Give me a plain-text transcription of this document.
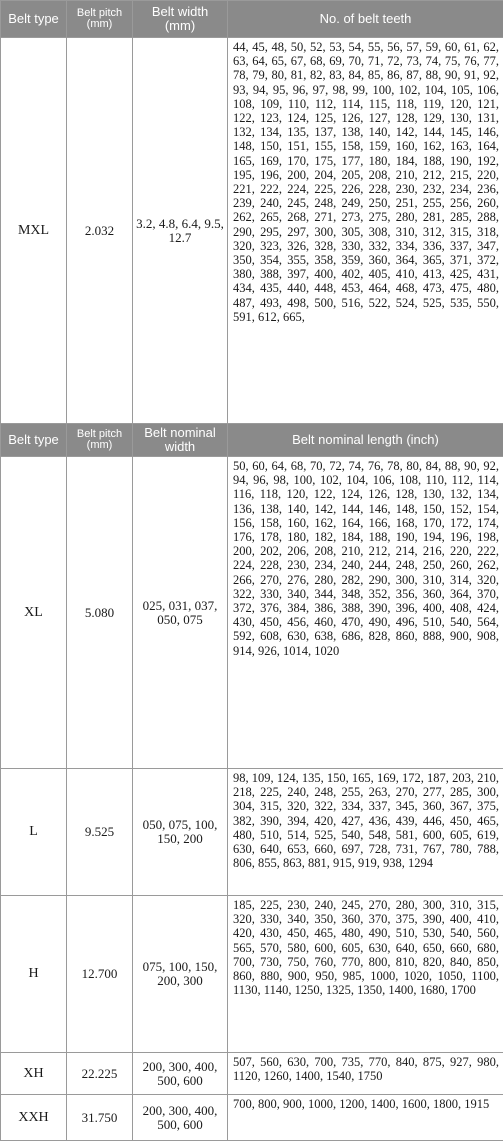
Belt type	Belt pitch (mm)	Belt width (mm)	No. of belt teeth
MXL	2.032	3.2, 4.8, 6.4, 9.5, 12.7	44, 45, 48, 50, 52, 53, 54, 55, 56, 57, 59, 60, 61, 62, 63, 64, 65, 67, 68, 69, 70, 71, 72, 73, 74, 75, 76, 77, 78, 79, 80, 81, 82, 83, 84, 85, 86, 87, 88, 90, 91, 92, 93, 94, 95, 96, 97, 98, 99, 100, 102, 104, 105, 106, 108, 109, 110, 112, 114, 115, 118, 119, 120, 121, 122, 123, 124, 125, 126, 127, 128, 129, 130, 131, 132, 134, 135, 137, 138, 140, 142, 144, 145, 146, 148, 150, 151, 155, 158, 159, 160, 162, 163, 164, 165, 169, 170, 175, 177, 180, 184, 188, 190, 192, 195, 196, 200, 204, 205, 208, 210, 212, 215, 220, 221, 222, 224, 225, 226, 228, 230, 232, 234, 236, 239, 240, 245, 248, 249, 250, 251, 255, 256, 260, 262, 265, 268, 271, 273, 275, 280, 281, 285, 288, 290, 295, 297, 300, 305, 308, 310, 312, 315, 318, 320, 323, 326, 328, 330, 332, 334, 336, 337, 347, 350, 354, 355, 358, 359, 360, 364, 365, 371, 372, 380, 388, 397, 400, 402, 405, 410, 413, 425, 431, 434, 435, 440, 448, 453, 464, 468, 473, 475, 480, 487, 493, 498, 500, 516, 522, 524, 525, 535, 550, 591, 612, 665,
Belt type	Belt pitch (mm)	Belt nominal width	Belt nominal length (inch)
XL	5.080	025, 031, 037, 050, 075	50, 60, 64, 68, 70, 72, 74, 76, 78, 80, 84, 88, 90, 92, 94, 96, 98, 100, 102, 104, 106, 108, 110, 112, 114, 116, 118, 120, 122, 124, 126, 128, 130, 132, 134, 136, 138, 140, 142, 144, 146, 148, 150, 152, 154, 156, 158, 160, 162, 164, 166, 168, 170, 172, 174, 176, 178, 180, 182, 184, 188, 190, 194, 196, 198, 200, 202, 206, 208, 210, 212, 214, 216, 220, 222, 224, 228, 230, 234, 240, 244, 248, 250, 260, 262, 266, 270, 276, 280, 282, 290, 300, 310, 314, 320, 322, 330, 340, 344, 348, 352, 356, 360, 364, 370, 372, 376, 384, 386, 388, 390, 396, 400, 408, 424, 430, 450, 456, 460, 470, 490, 496, 510, 540, 564, 592, 608, 630, 638, 686, 828, 860, 888, 900, 908, 914, 926, 1014, 1020
L	9.525	050, 075, 100, 150, 200	98, 109, 124, 135, 150, 165, 169, 172, 187, 203, 210, 218, 225, 240, 248, 255, 263, 270, 277, 285, 300, 304, 315, 320, 322, 334, 337, 345, 360, 367, 375, 382, 390, 394, 420, 427, 436, 439, 446, 450, 465, 480, 510, 514, 525, 540, 548, 581, 600, 605, 619, 630, 640, 653, 660, 697, 728, 731, 767, 780, 788, 806, 855, 863, 881, 915, 919, 938, 1294
H	12.700	075, 100, 150, 200, 300	185, 225, 230, 240, 245, 270, 280, 300, 310, 315, 320, 330, 340, 350, 360, 370, 375, 390, 400, 410, 420, 430, 450, 465, 480, 490, 510, 530, 540, 560, 565, 570, 580, 600, 605, 630, 640, 650, 660, 680, 700, 730, 750, 760, 770, 800, 810, 820, 840, 850, 860, 880, 900, 950, 985, 1000, 1020, 1050, 1100, 1130, 1140, 1250, 1325, 1350, 1400, 1680, 1700
XH	22.225	200, 300, 400, 500, 600	507, 560, 630, 700, 735, 770, 840, 875, 927, 980, 1120, 1260, 1400, 1540, 1750
XXH	31.750	200, 300, 400, 500, 600	700, 800, 900, 1000, 1200, 1400, 1600, 1800, 1915
